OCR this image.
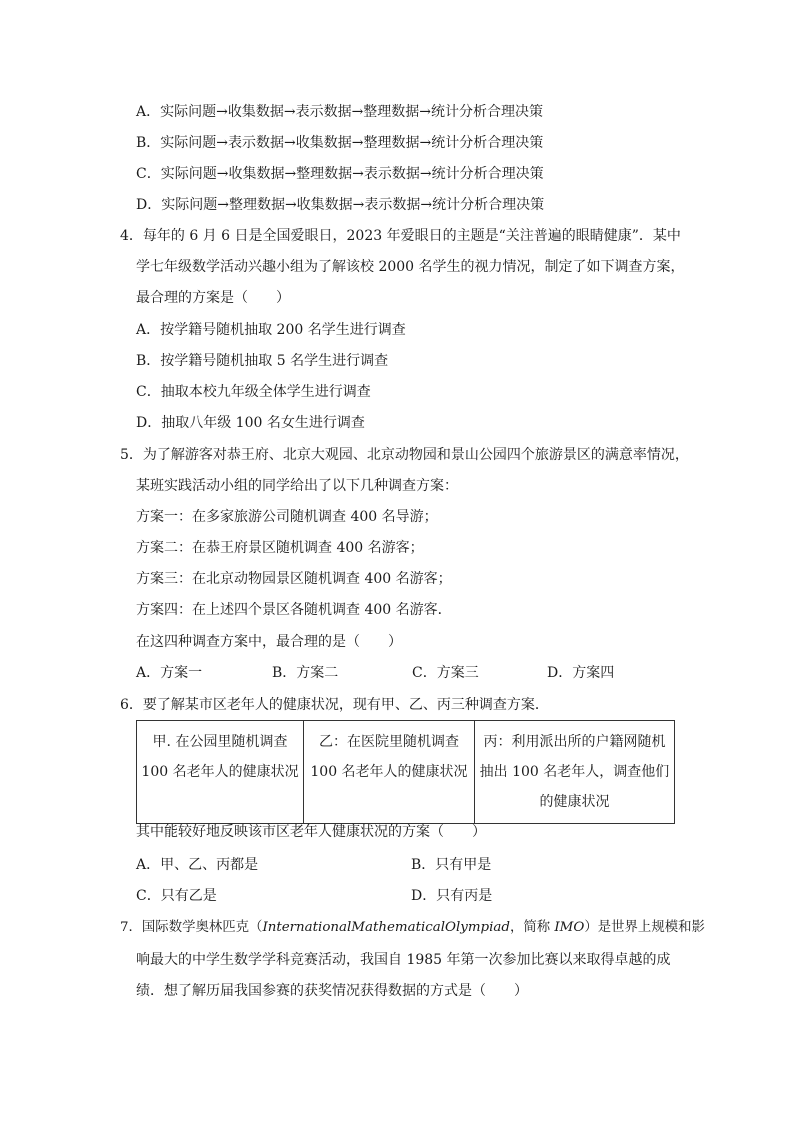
A．实际问题→收集数据→表示数据→整理数据→统计分析合理决策
B．实际问题→表示数据→收集数据→整理数据→统计分析合理决策
C．实际问题→收集数据→整理数据→表示数据→统计分析合理决策
D．实际问题→整理数据→收集数据→表示数据→统计分析合理决策
4．每年的 6 月 6 日是全国爱眼日，2023 年爱眼日的主题是“关注普遍的眼睛健康”．某中
学七年级数学活动兴趣小组为了解该校 2000 名学生的视力情况，制定了如下调查方案，
最合理的方案是（　　）
A．按学籍号随机抽取 200 名学生进行调查
B．按学籍号随机抽取 5 名学生进行调查
C．抽取本校九年级全体学生进行调查
D．抽取八年级 100 名女生进行调查
5．为了解游客对恭王府、北京大观园、北京动物园和景山公园四个旅游景区的满意率情况，
某班实践活动小组的同学给出了以下几种调查方案：
方案一：在多家旅游公司随机调查 400 名导游；
方案二：在恭王府景区随机调查 400 名游客；
方案三：在北京动物园景区随机调查 400 名游客；
方案四：在上述四个景区各随机调查 400 名游客．
在这四种调查方案中，最合理的是（　　）
A．方案一	B．方案二	C．方案三	D．方案四
6．要了解某市区老年人的健康状况，现有甲、乙、丙三种调查方案．
甲. 在公园里随机调查 100 名老年人的健康状况	乙：在医院里随机调查 100 名老年人的健康状况	丙：利用派出所的户籍网随机抽出 100 名老年人，调查他们的健康状况
其中能较好地反映该市区老年人健康状况的方案（　　）
A．甲、乙、丙都是	B．只有甲是
C．只有乙是	D．只有丙是
7．国际数学奥林匹克（InternationalMathematicalOlympiad，简称 IMO）是世界上规模和影
响最大的中学生数学学科竞赛活动，我国自 1985 年第一次参加比赛以来取得卓越的成
绩．想了解历届我国参赛的获奖情况获得数据的方式是（　　）
